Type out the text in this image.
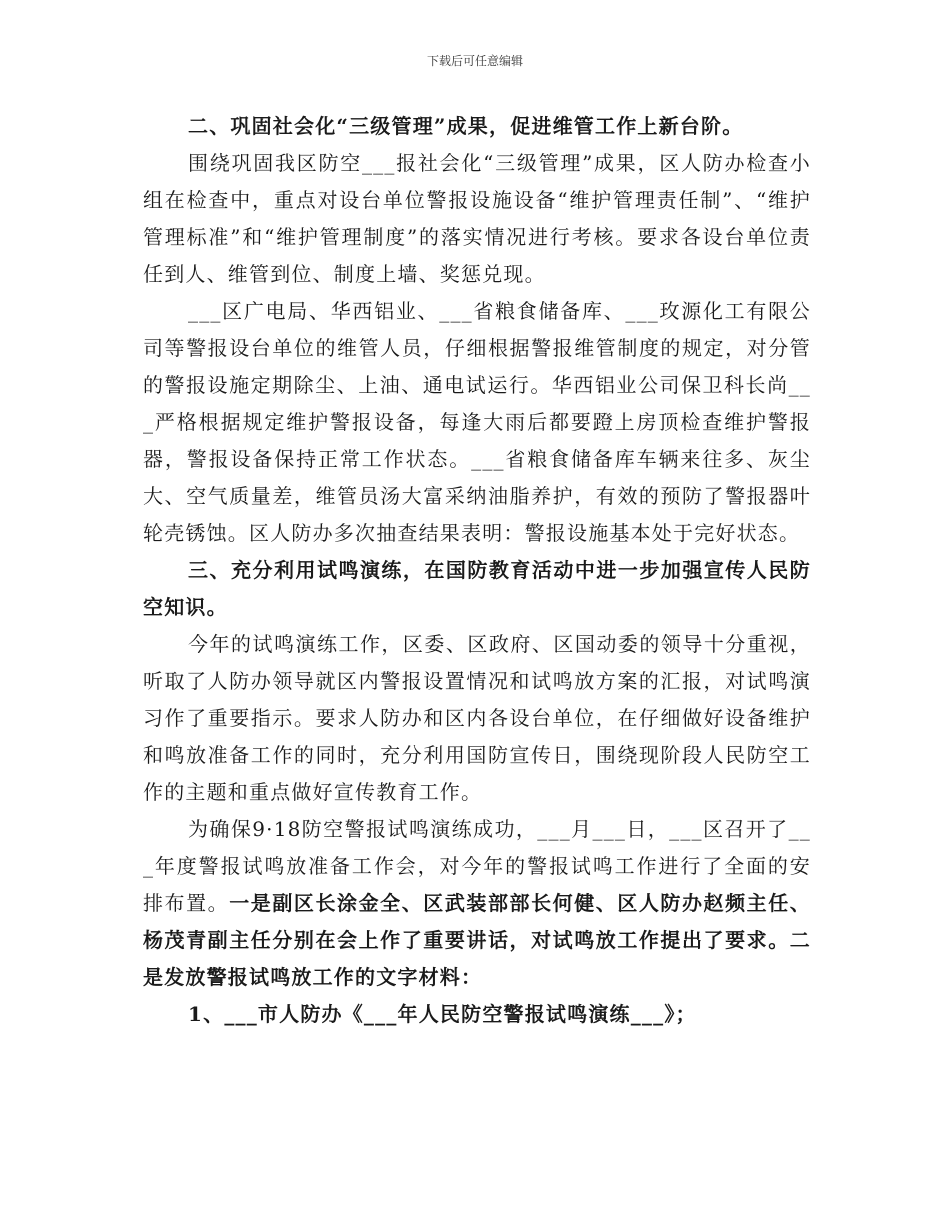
下载后可任意编辑

二、巩固社会化“三级管理”成果，促进维管工作上新台阶。

围绕巩固我区防空___报社会化“三级管理”成果，区人防办检查小组在检查中，重点对设台单位警报设施设备“维护管理责任制”、“维护管理标准”和“维护管理制度”的落实情况进行考核。要求各设台单位责任到人、维管到位、制度上墙、奖惩兑现。

___区广电局、华西铝业、___省粮食储备库、___玫源化工有限公司等警报设台单位的维管人员，仔细根据警报维管制度的规定，对分管的警报设施定期除尘、上油、通电试运行。华西铝业公司保卫科长尚___严格根据规定维护警报设备，每逢大雨后都要蹬上房顶检查维护警报器，警报设备保持正常工作状态。___省粮食储备库车辆来往多、灰尘大、空气质量差，维管员汤大富采纳油脂养护，有效的预防了警报器叶轮壳锈蚀。区人防办多次抽查结果表明：警报设施基本处于完好状态。

三、充分利用试鸣演练，在国防教育活动中进一步加强宣传人民防空知识。

今年的试鸣演练工作，区委、区政府、区国动委的领导十分重视，听取了人防办领导就区内警报设置情况和试鸣放方案的汇报，对试鸣演习作了重要指示。要求人防办和区内各设台单位，在仔细做好设备维护和鸣放准备工作的同时，充分利用国防宣传日，围绕现阶段人民防空工作的主题和重点做好宣传教育工作。

为确保9·18防空警报试鸣演练成功，___月___日，___区召开了___年度警报试鸣放准备工作会，对今年的警报试鸣工作进行了全面的安排布置。一是副区长涂金全、区武装部部长何健、区人防办赵频主任、杨茂青副主任分别在会上作了重要讲话，对试鸣放工作提出了要求。二是发放警报试鸣放工作的文字材料：

1、___市人防办《___年人民防空警报试鸣演练___》；
